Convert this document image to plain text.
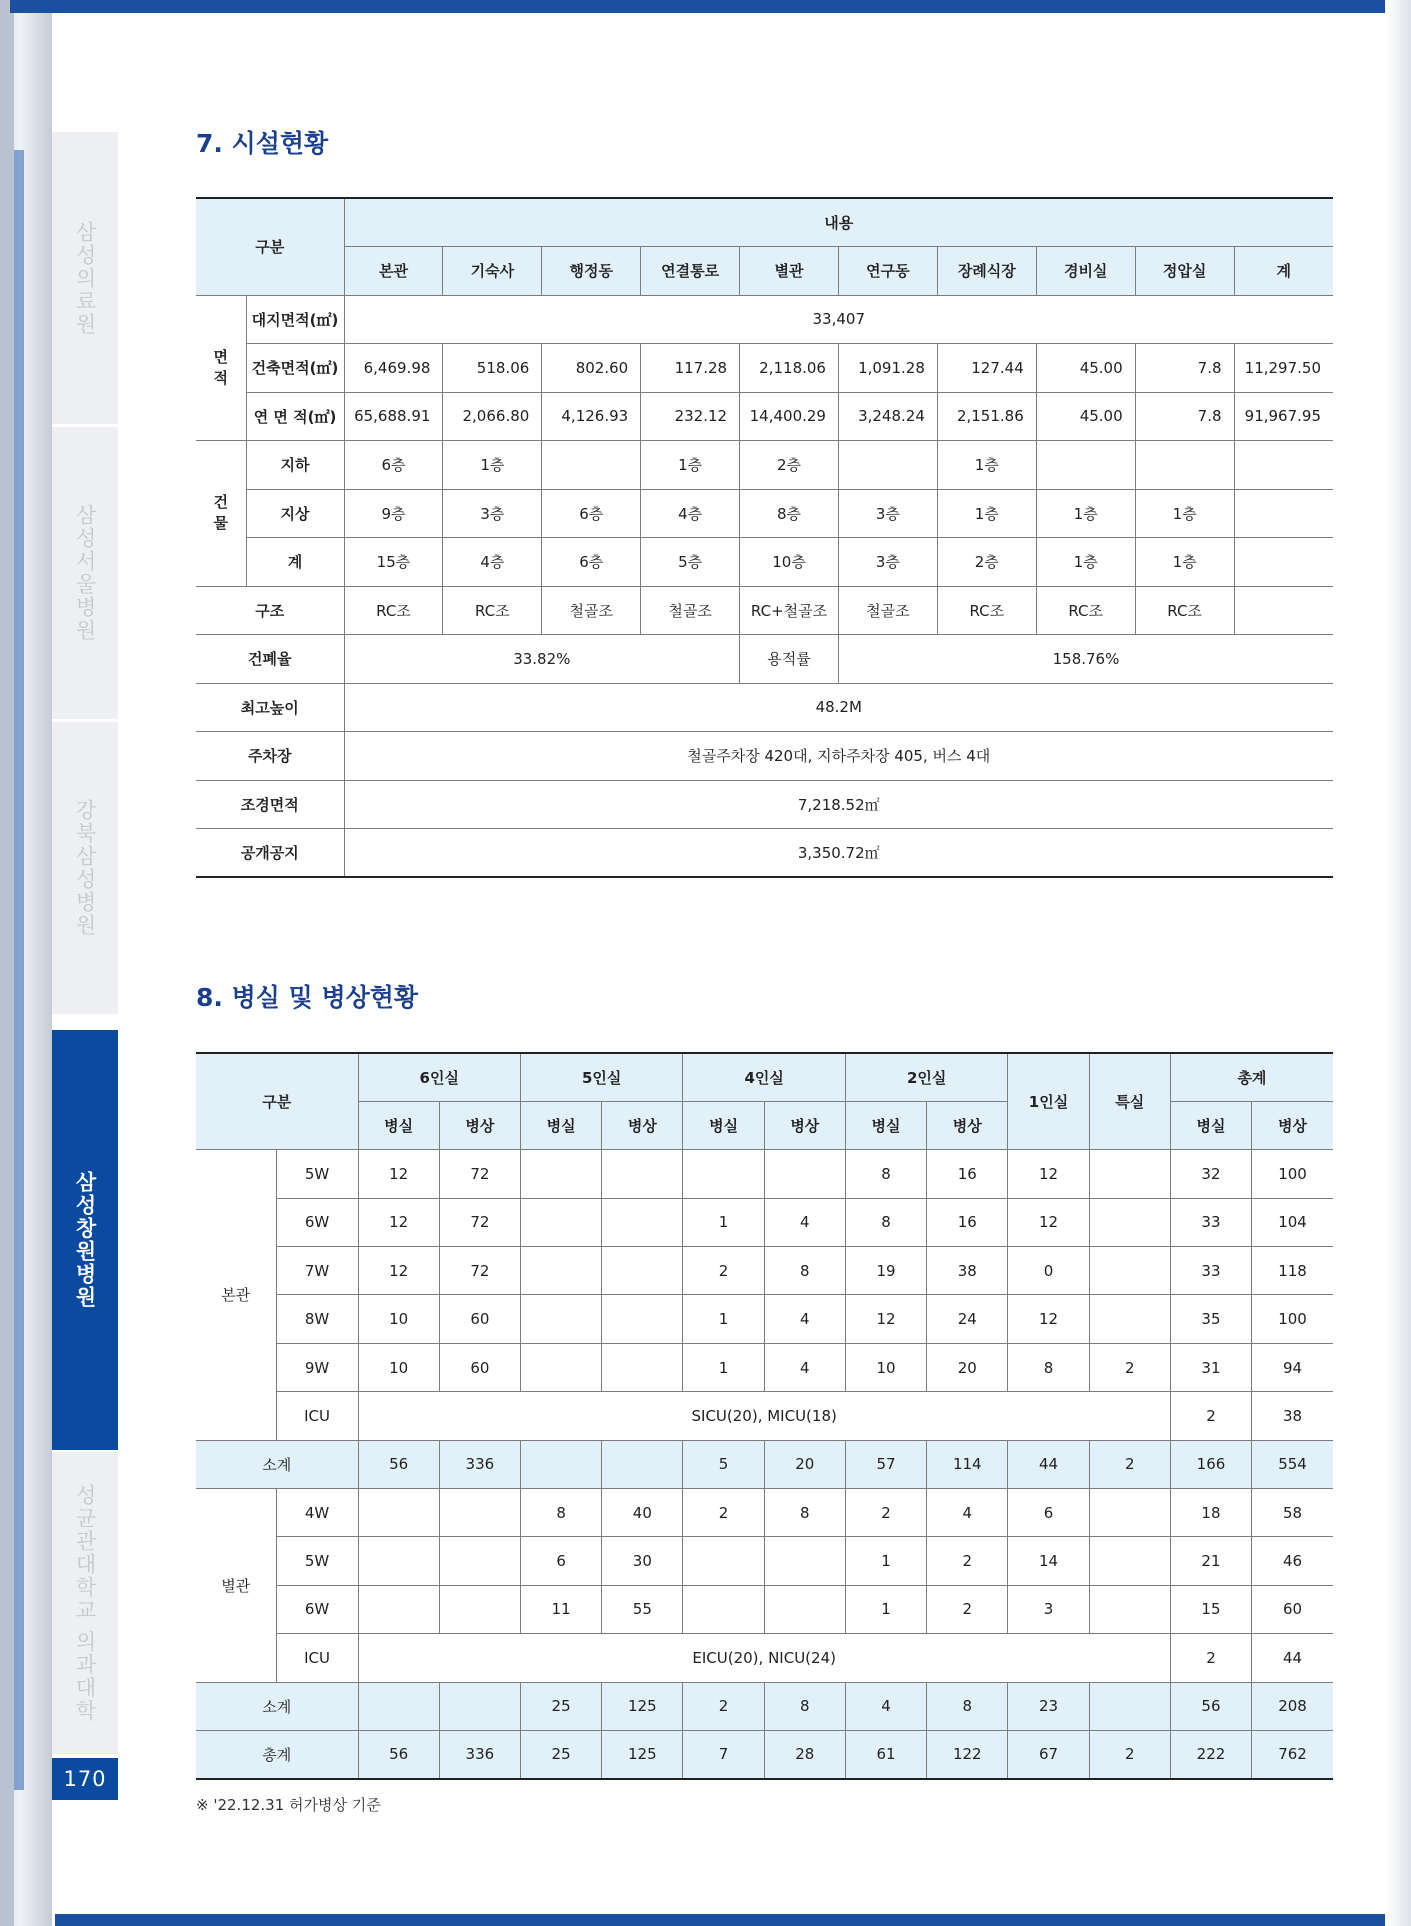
삼성의료원
삼성서울병원
강북삼성병원
삼성창원병원
성균관대학교 의과대학
170
7. 시설현황
구분		내용									
		본관	기숙사	행정동	연결통로	별관	연구동	장례식장	경비실	정압실	계
면
적	대지면적(㎡)	33,407									
	건축면적(㎡)	6,469.98	518.06	802.60	117.28	2,118.06	1,091.28	127.44	45.00	7.8	11,297.50
	연 면 적(㎡)	65,688.91	2,066.80	4,126.93	232.12	14,400.29	3,248.24	2,151.86	45.00	7.8	91,967.95
건
물	지하	6층	1층		1층	2층		1층			
	지상	9층	3층	6층	4층	8층	3층	1층	1층	1층	
	계	15층	4층	6층	5층	10층	3층	2층	1층	1층	
구조		RC조	RC조	철골조	철골조	RC+철골조	철골조	RC조	RC조	RC조	
건폐율		33.82%				용적률	158.76%				
최고높이		48.2M									
주차장		철골주차장 420대, 지하주차장 405, 버스 4대									
조경면적		7,218.52㎡									
공개공지		3,350.72㎡									
8. 병실 및 병상현황
구분		6인실		5인실		4인실		2인실		1인실	특실	총계	
		병실	병상	병실	병상	병실	병상	병실	병상			병실	병상
본관	5W	12	72					8	16	12		32	100
	6W	12	72			1	4	8	16	12		33	104
	7W	12	72			2	8	19	38	0		33	118
	8W	10	60			1	4	12	24	12		35	100
	9W	10	60			1	4	10	20	8	2	31	94
	ICU	SICU(20), MICU(18)										2	38
소계		56	336			5	20	57	114	44	2	166	554
별관	4W			8	40	2	8	2	4	6		18	58
	5W			6	30			1	2	14		21	46
	6W			11	55			1	2	3		15	60
	ICU	EICU(20), NICU(24)										2	44
소계				25	125	2	8	4	8	23		56	208
총계		56	336	25	125	7	28	61	122	67	2	222	762
※ '22.12.31 허가병상 기준
